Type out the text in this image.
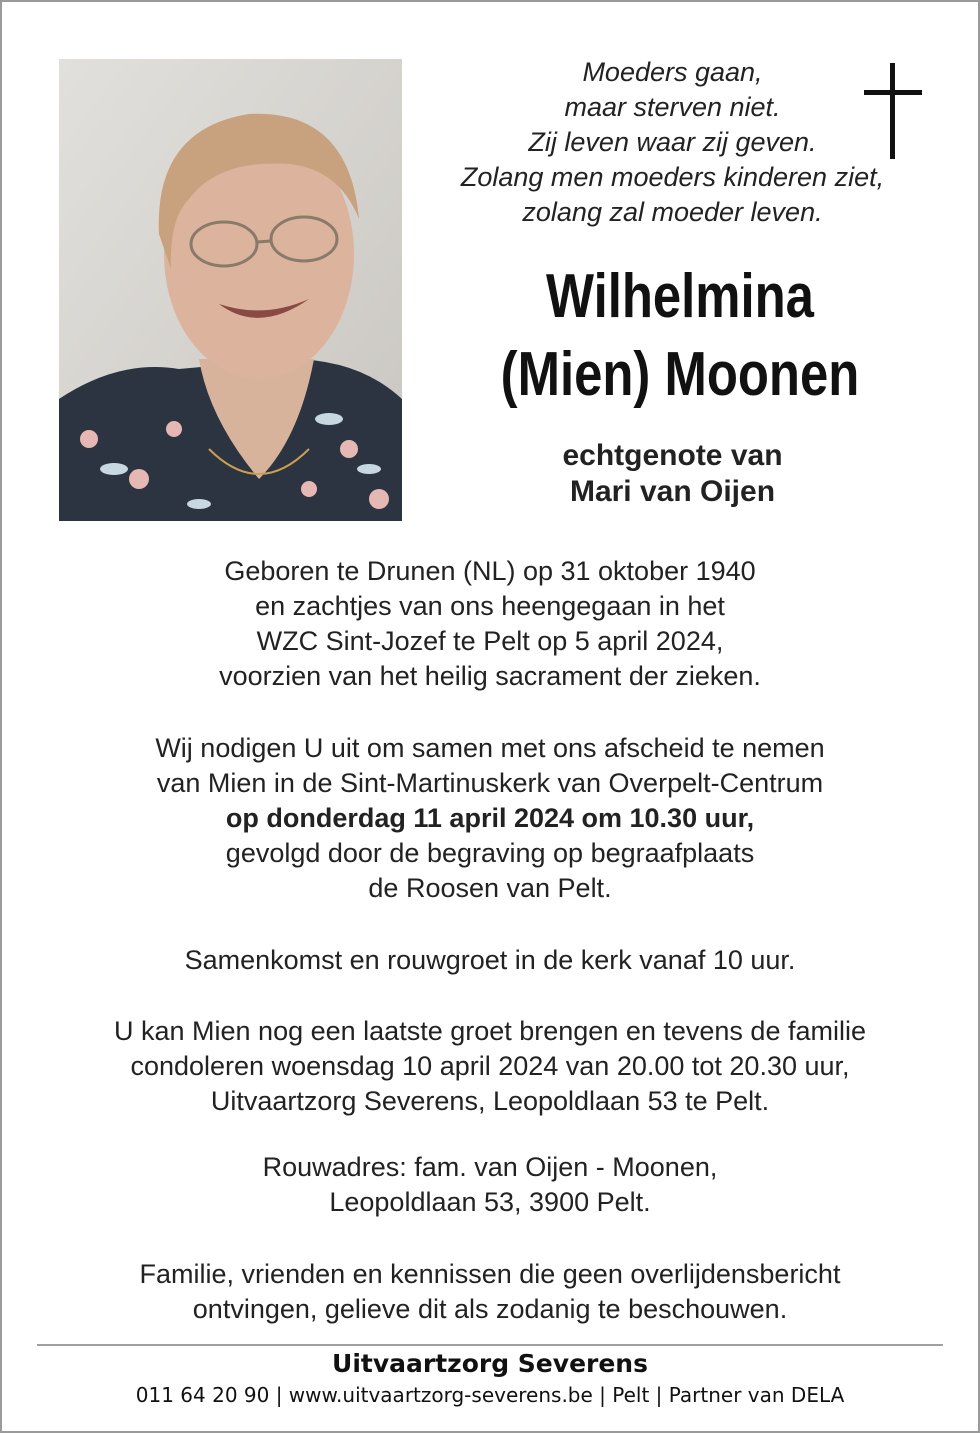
Moeders gaan,
maar sterven niet.
Zij leven waar zij geven.
Zolang men moeders kinderen ziet,
zolang zal moeder leven.
Wilhelmina
(Mien) Moonen
echtgenote van
Mari van Oijen
Geboren te Drunen (NL) op 31 oktober 1940
en zachtjes van ons heengegaan in het
WZC Sint-Jozef te Pelt op 5 april 2024,
voorzien van het heilig sacrament der zieken.
Wij nodigen U uit om samen met ons afscheid te nemen
van Mien in de Sint-Martinuskerk van Overpelt-Centrum
op donderdag 11 april 2024 om 10.30 uur,
gevolgd door de begraving op begraafplaats
de Roosen van Pelt.
Samenkomst en rouwgroet in de kerk vanaf 10 uur.
U kan Mien nog een laatste groet brengen en tevens de familie
condoleren woensdag 10 april 2024 van 20.00 tot 20.30 uur,
Uitvaartzorg Severens, Leopoldlaan 53 te Pelt.
Rouwadres: fam. van Oijen - Moonen,
Leopoldlaan 53, 3900 Pelt.
Familie, vrienden en kennissen die geen overlijdensbericht
ontvingen, gelieve dit als zodanig te beschouwen.
Uitvaartzorg Severens
011 64 20 90 | www.uitvaartzorg-severens.be | Pelt | Partner van DELA
